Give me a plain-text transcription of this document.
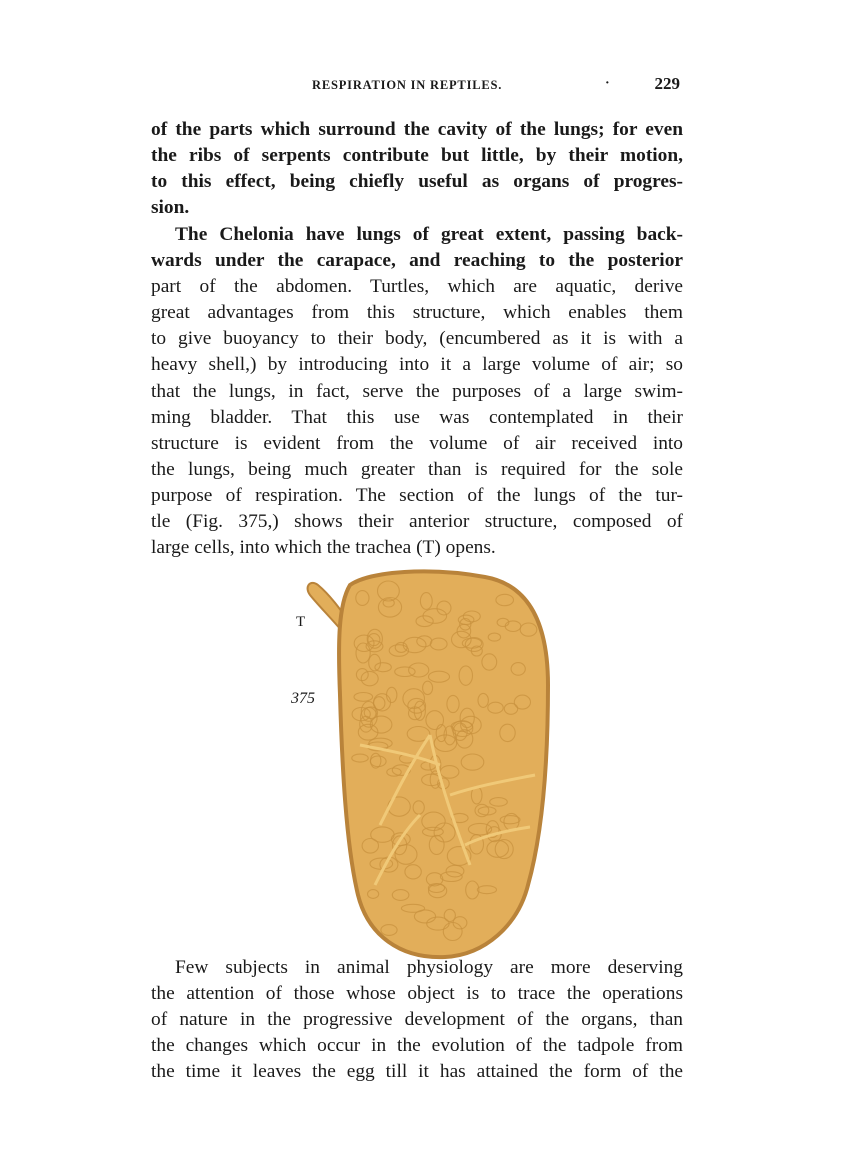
RESPIRATION IN REPTILES.	·	229
of the parts which surround the cavity of the lungs; for even
the ribs of serpents contribute but little, by their motion,
to this effect, being chiefly useful as organs of progres-
sion.
The Chelonia have lungs of great extent, passing back-
wards under the carapace, and reaching to the posterior
part of the abdomen. Turtles, which are aquatic, derive
great advantages from this structure, which enables them
to give buoyancy to their body, (encumbered as it is with a
heavy shell,) by introducing into it a large volume of air; so
that the lungs, in fact, serve the purposes of a large swim-
ming bladder. That this use was contemplated in their
structure is evident from the volume of air received into
the lungs, being much greater than is required for the sole
purpose of respiration. The section of the lungs of the tur-
tle (Fig. 375,) shows their anterior structure, composed of
large cells, into which the trachea (T) opens.
T
375
Few subjects in animal physiology are more deserving
the attention of those whose object is to trace the operations
of nature in the progressive development of the organs, than
the changes which occur in the evolution of the tadpole from
the time it leaves the egg till it has attained the form of the
